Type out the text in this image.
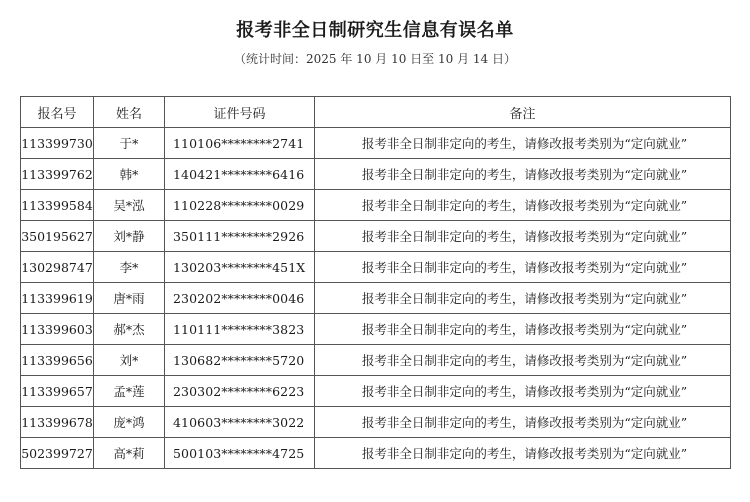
报考非全日制研究生信息有误名单
（统计时间：2025 年 10 月 10 日至 10 月 14 日）
报名号	姓名	证件号码	备注
113399730	于*	110106********2741	报考非全日制非定向的考生，请修改报考类别为“定向就业”
113399762	韩*	140421********6416	报考非全日制非定向的考生，请修改报考类别为“定向就业”
113399584	吴*泓	110228********0029	报考非全日制非定向的考生，请修改报考类别为“定向就业”
350195627	刘*静	350111********2926	报考非全日制非定向的考生，请修改报考类别为“定向就业”
130298747	李*	130203********451X	报考非全日制非定向的考生，请修改报考类别为“定向就业”
113399619	唐*雨	230202********0046	报考非全日制非定向的考生，请修改报考类别为“定向就业”
113399603	郝*杰	110111********3823	报考非全日制非定向的考生，请修改报考类别为“定向就业”
113399656	刘*	130682********5720	报考非全日制非定向的考生，请修改报考类别为“定向就业”
113399657	孟*莲	230302********6223	报考非全日制非定向的考生，请修改报考类别为“定向就业”
113399678	庞*鸿	410603********3022	报考非全日制非定向的考生，请修改报考类别为“定向就业”
502399727	高*莉	500103********4725	报考非全日制非定向的考生，请修改报考类别为“定向就业”
